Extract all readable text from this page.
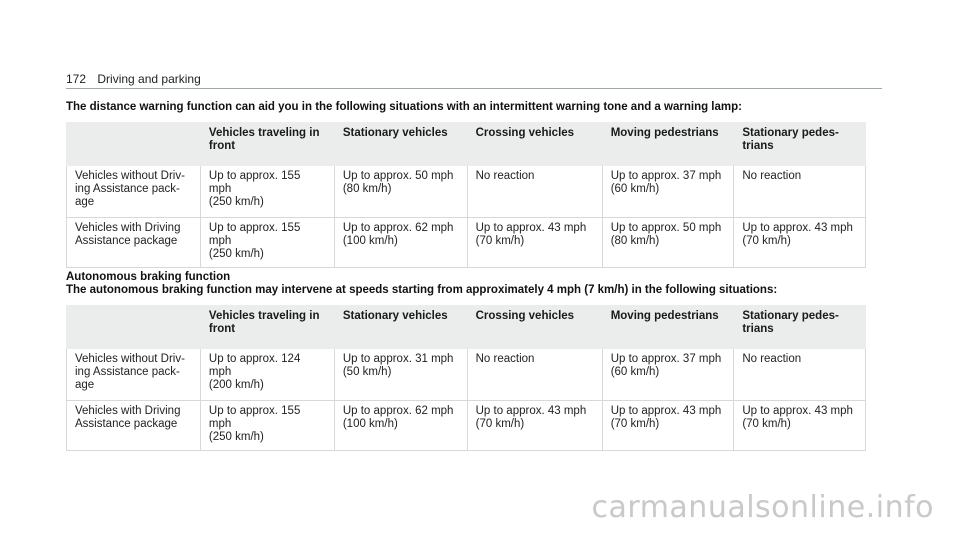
172 Driving and parking
The distance warning function can aid you in the following situations with an intermittent warning tone and a warning lamp:
	Vehicles traveling in front	Stationary vehicles	Crossing vehicles	Moving pedestrians	Stationary pedes-
trians
Vehicles without Driv-
ing Assistance pack-
age	Up to approx. 155 mph
(250 km/h)	Up to approx. 50 mph
(80 km/h)	No reaction	Up to approx. 37 mph
(60 km/h)	No reaction
Vehicles with Driving
Assistance package	Up to approx. 155 mph
(250 km/h)	Up to approx. 62 mph
(100 km/h)	Up to approx. 43 mph
(70 km/h)	Up to approx. 50 mph
(80 km/h)	Up to approx. 43 mph
(70 km/h)
Autonomous braking function
The autonomous braking function may intervene at speeds starting from approximately 4 mph (7 km/h) in the following situations:
	Vehicles traveling in front	Stationary vehicles	Crossing vehicles	Moving pedestrians	Stationary pedes-
trians
Vehicles without Driv-
ing Assistance pack-
age	Up to approx. 124 mph
(200 km/h)	Up to approx. 31 mph
(50 km/h)	No reaction	Up to approx. 37 mph
(60 km/h)	No reaction
Vehicles with Driving
Assistance package	Up to approx. 155 mph
(250 km/h)	Up to approx. 62 mph
(100 km/h)	Up to approx. 43 mph
(70 km/h)	Up to approx. 43 mph
(70 km/h)	Up to approx. 43 mph
(70 km/h)
carmanualsonline.info
